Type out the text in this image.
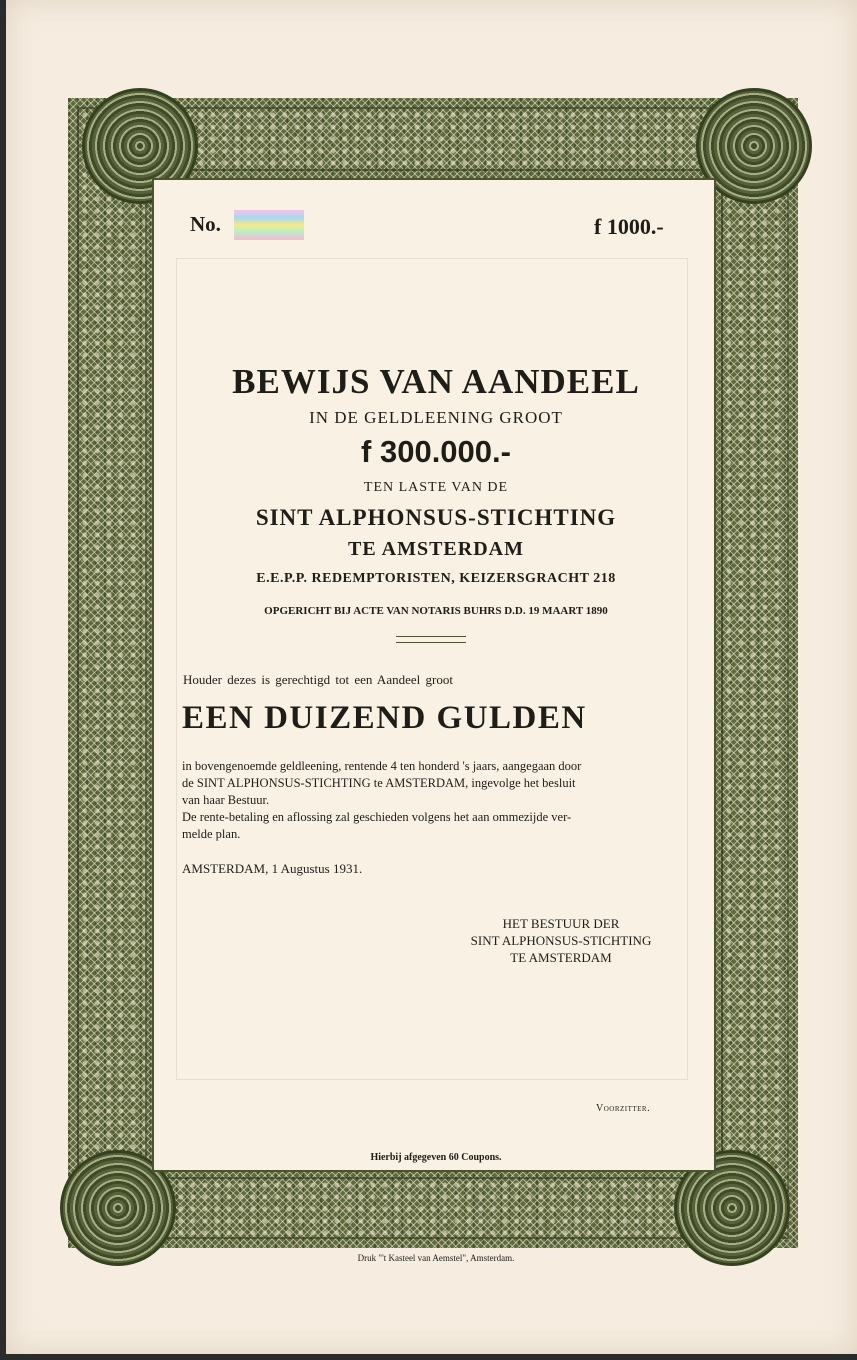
No.	f 1000.-
BEWIJS VAN AANDEEL
IN DE GELDLEENING GROOT
f 300.000.-
TEN LASTE VAN DE
SINT ALPHONSUS-STICHTING
TE AMSTERDAM
E.E.P.P. REDEMPTORISTEN, KEIZERSGRACHT 218
OPGERICHT BIJ ACTE VAN NOTARIS BUHRS D.D. 19 MAART 1890
Houder dezes is gerechtigd tot een Aandeel groot
EEN DUIZEND GULDEN

in bovengenoemde geldleening, rentende 4 ten honderd 's jaars, aangegaan door

de SINT ALPHONSUS-STICHTING te AMSTERDAM, ingevolge het besluit

van haar Bestuur.

De rente-betaling en aflossing zal geschieden volgens het aan ommezijde ver-

melde plan.

AMSTERDAM, 1 Augustus 1931.
HET BESTUUR DER
SINT ALPHONSUS-STICHTING
TE AMSTERDAM
Voorzitter.
Hierbij afgegeven 60 Coupons.
Druk "'t Kasteel van Aemstel", Amsterdam.
